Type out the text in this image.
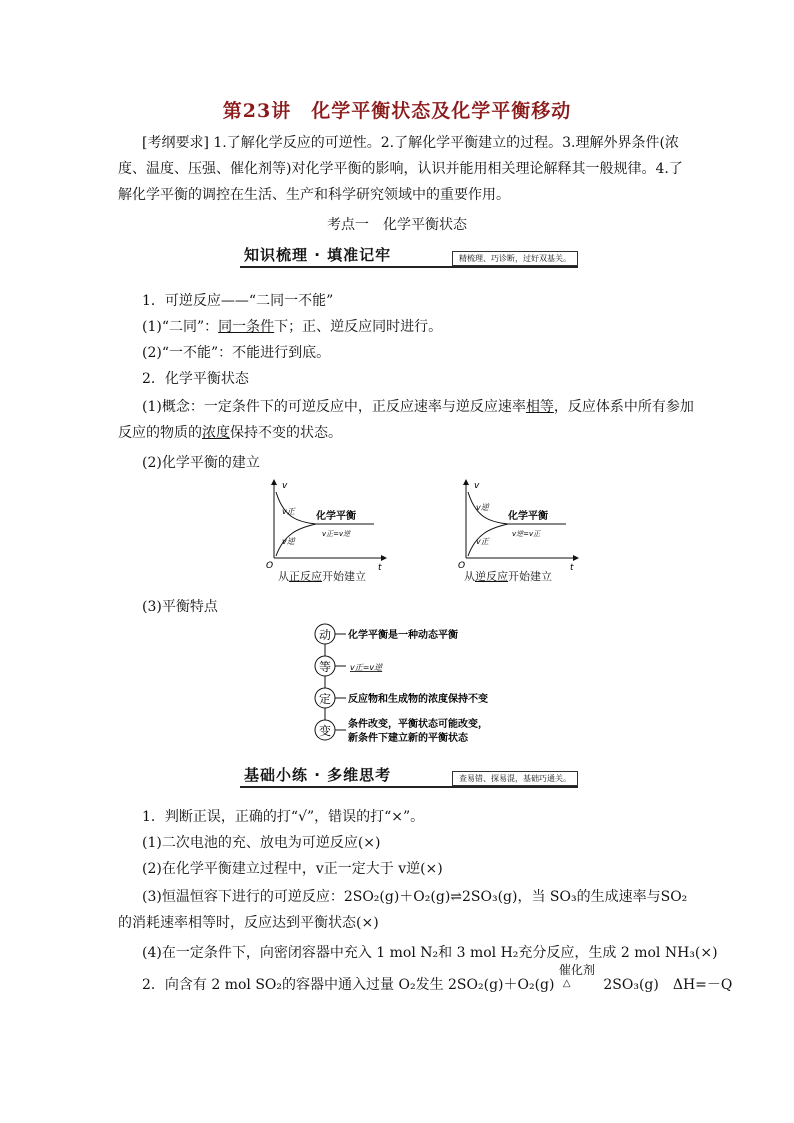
第23讲　化学平衡状态及化学平衡移动
[考纲要求] 1.了解化学反应的可逆性。2.了解化学平衡建立的过程。3.理解外界条件(浓度、温度、压强、催化剂等)对化学平衡的影响，认识并能用相关理论解释其一般规律。4.了解化学平衡的调控在生活、生产和科学研究领域中的重要作用。
考点一　化学平衡状态
知识梳理 · 填准记牢	精梳理、巧诊断，过好双基关。
1．可逆反应——“二同一不能”
(1)“二同”：同一条件下；正、逆反应同时进行。
(2)“一不能”：不能进行到底。
2．化学平衡状态
(1)概念：一定条件下的可逆反应中，正反应速率与逆反应速率相等，反应体系中所有参加反应的物质的浓度保持不变的状态。
(2)化学平衡的建立
v
t
O
v正
v逆
化学平衡
v正=v逆
从正反应开始建立
v
t
O
v逆
v正
化学平衡
v逆=v正
从逆反应开始建立
(3)平衡特点
动 化学平衡是一种动态平衡
等 v正=v逆
定 反应物和生成物的浓度保持不变
变 条件改变，平衡状态可能改变，
新条件下建立新的平衡状态
基础小练 · 多维思考	查易错、探易混，基础巧通关。
1．判断正误，正确的打“√”，错误的打“×”。
(1)二次电池的充、放电为可逆反应(×)
(2)在化学平衡建立过程中，v正一定大于 v逆(×)
(3)恒温恒容下进行的可逆反应：2SO₂(g)＋O₂(g)⇌2SO₃(g)，当 SO₃的生成速率与SO₂的消耗速率相等时，反应达到平衡状态(×)
(4)在一定条件下，向密闭容器中充入 1 mol N₂和 3 mol H₂充分反应，生成 2 mol NH₃(×)
2．向含有 2 mol SO₂的容器中通入过量 O₂发生 2SO₂(g)＋O₂(g)
催化剂
△ 2SO₃(g)　ΔH=－Q
